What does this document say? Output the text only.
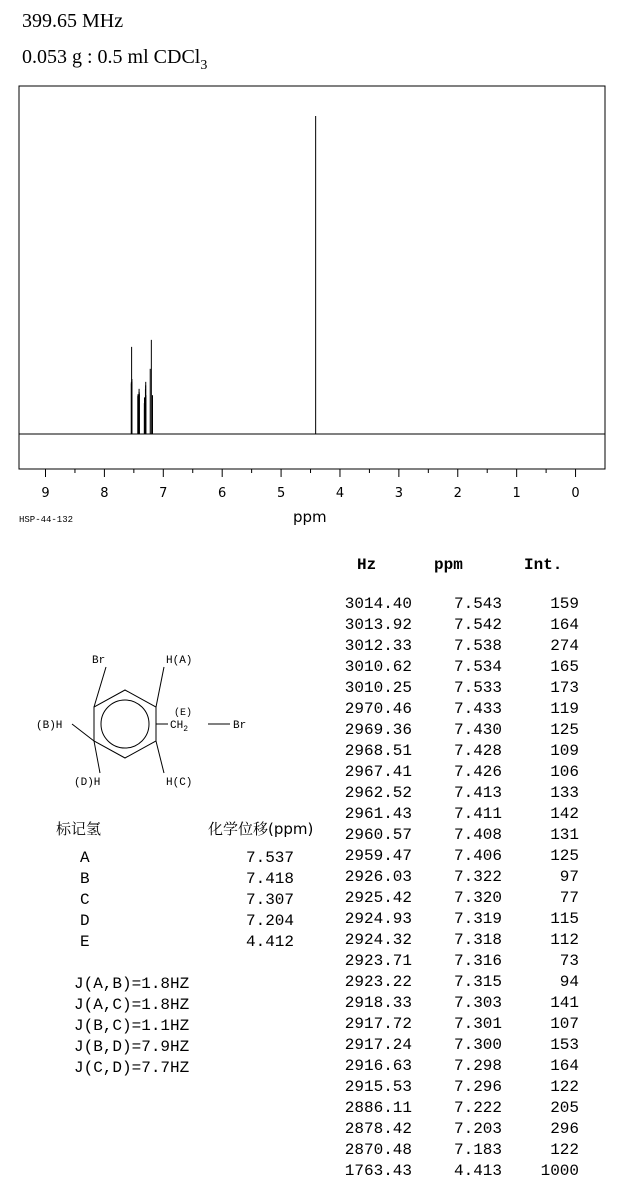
399.65 MHz
0.053 g : 0.5 ml CDCl$_3$
9	8	7	6	5	4	3	2	1	0
HSP-44-132	ppm
Hz	ppm	Int.
3014.40	7.543	159
3013.92	7.542	164
3012.33	7.538	274
3010.62	7.534	165
3010.25	7.533	173
2970.46	7.433	119
2969.36	7.430	125
2968.51	7.428	109
2967.41	7.426	106
2962.52	7.413	133
2961.43	7.411	142
2960.57	7.408	131
2959.47	7.406	125
2926.03	7.322	97
2925.42	7.320	77
2924.93	7.319	115
2924.32	7.318	112
2923.71	7.316	73
2923.22	7.315	94
2918.33	7.303	141
2917.72	7.301	107
2917.24	7.300	153
2916.63	7.298	164
2915.53	7.296	122
2886.11	7.222	205
2878.42	7.203	296
2870.48	7.183	122
1763.43	4.413	1000
Br	H(A)
(B)H
H(C)
(D)H
(E)
$CH_2$	Br
标记氢	化学位移(ppm)
A	7.537
B	7.418
C	7.307
D	7.204
E	4.412
J(A,B)=1.8HZ
J(A,C)=1.8HZ
J(B,C)=1.1HZ
J(B,D)=7.9HZ
J(C,D)=7.7HZ
